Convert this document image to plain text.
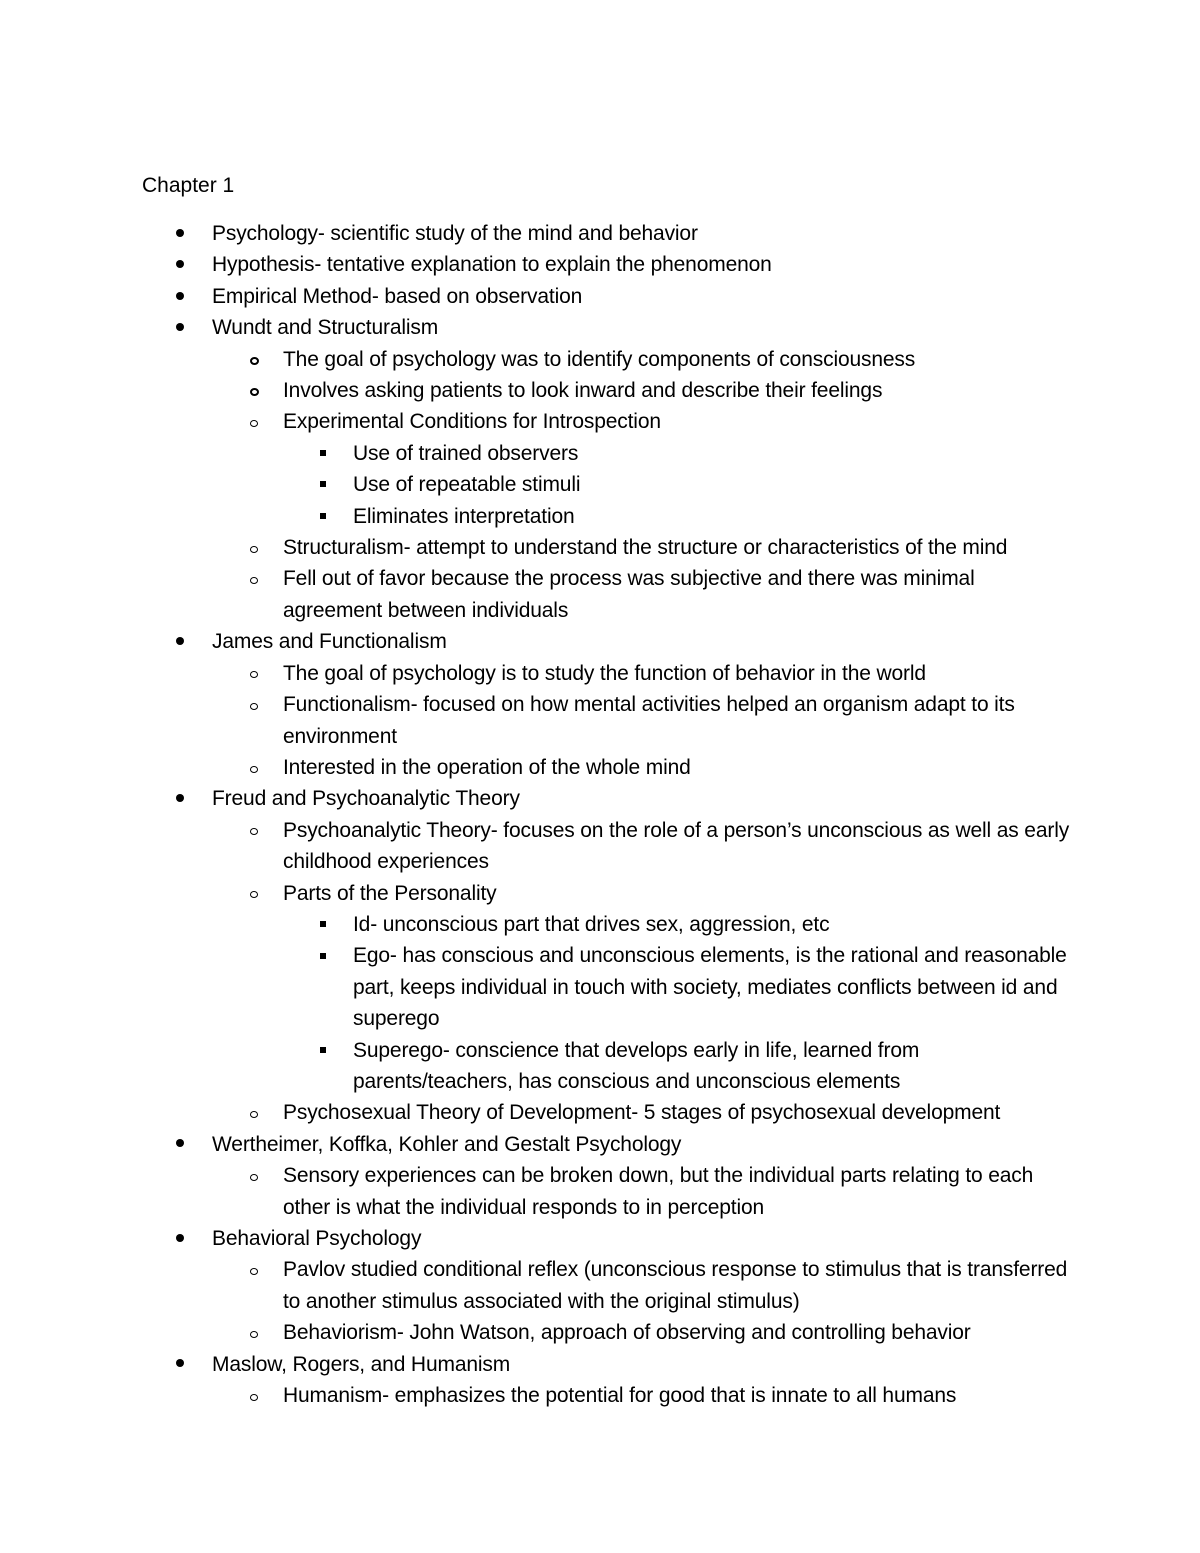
Chapter 1
Psychology- scientific study of the mind and behavior
Hypothesis- tentative explanation to explain the phenomenon
Empirical Method- based on observation
Wundt and Structuralism
The goal of psychology was to identify components of consciousness
Involves asking patients to look inward and describe their feelings
Experimental Conditions for Introspection
Use of trained observers
Use of repeatable stimuli
Eliminates interpretation
Structuralism- attempt to understand the structure or characteristics of the mind
Fell out of favor because the process was subjective and there was minimal agreement between individuals
James and Functionalism
The goal of psychology is to study the function of behavior in the world
Functionalism- focused on how mental activities helped an organism adapt to its environment
Interested in the operation of the whole mind
Freud and Psychoanalytic Theory
Psychoanalytic Theory- focuses on the role of a person’s unconscious as well as early childhood experiences
Parts of the Personality
Id- unconscious part that drives sex, aggression, etc
Ego- has conscious and unconscious elements, is the rational and reasonable part, keeps individual in touch with society, mediates conflicts between id and superego
Superego- conscience that develops early in life, learned from parents/teachers, has conscious and unconscious elements
Psychosexual Theory of Development- 5 stages of psychosexual development
Wertheimer, Koffka, Kohler and Gestalt Psychology
Sensory experiences can be broken down, but the individual parts relating to each other is what the individual responds to in perception
Behavioral Psychology
Pavlov studied conditional reflex (unconscious response to stimulus that is transferred to another stimulus associated with the original stimulus)
Behaviorism- John Watson, approach of observing and controlling behavior
Maslow, Rogers, and Humanism
Humanism- emphasizes the potential for good that is innate to all humans
